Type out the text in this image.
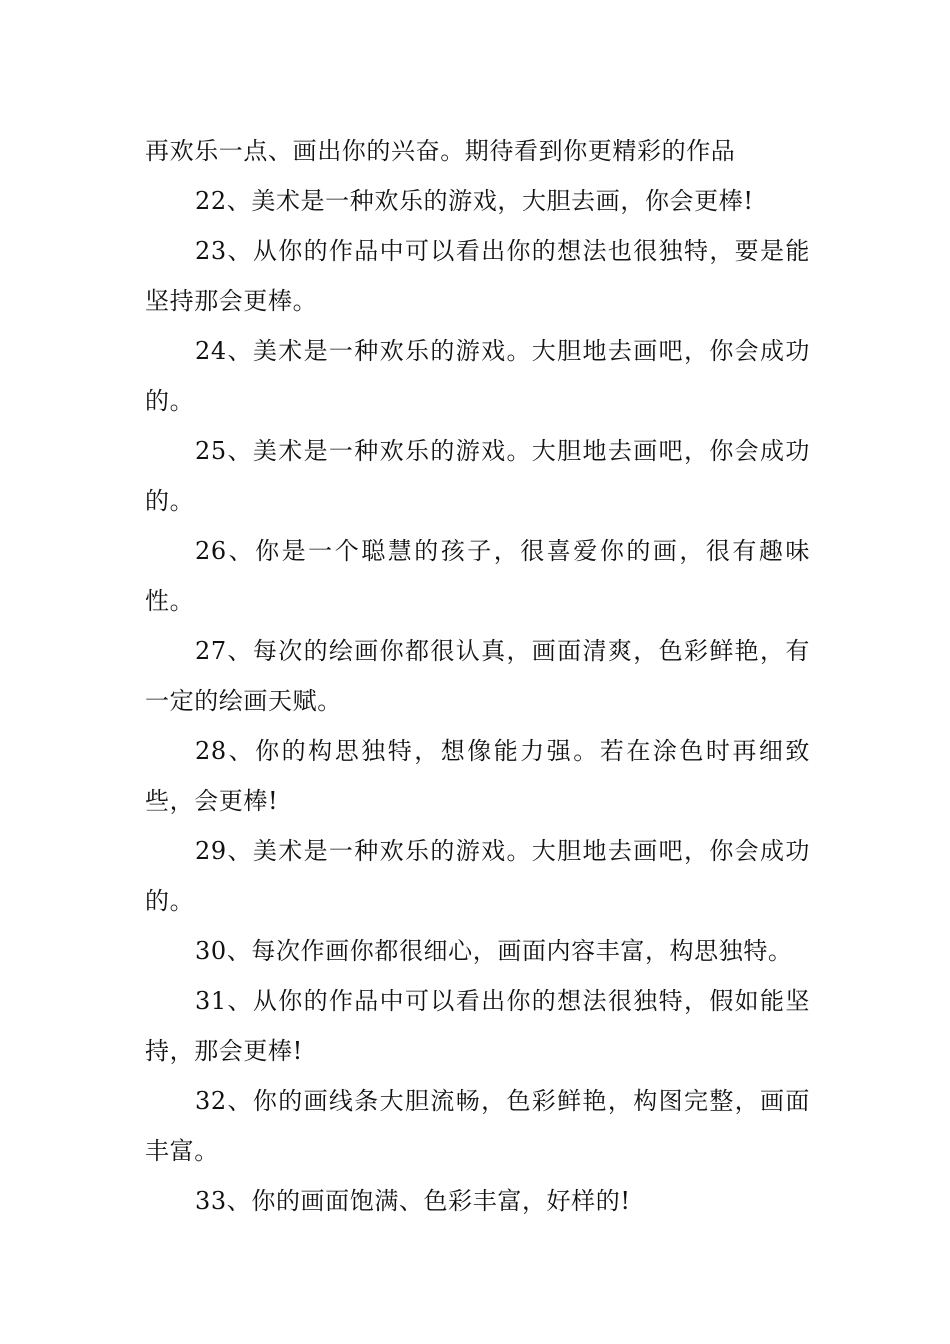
再欢乐一点、画出你的兴奋。期待看到你更精彩的作品

22、美术是一种欢乐的游戏，大胆去画，你会更棒!

23、从你的作品中可以看出你的想法也很独特，要是能坚持那会更棒。

24、美术是一种欢乐的游戏。大胆地去画吧，你会成功的。

25、美术是一种欢乐的游戏。大胆地去画吧，你会成功的。

26、你是一个聪慧的孩子，很喜爱你的画，很有趣味性。

27、每次的绘画你都很认真，画面清爽，色彩鲜艳，有一定的绘画天赋。

28、你的构思独特，想像能力强。若在涂色时再细致些，会更棒!

29、美术是一种欢乐的游戏。大胆地去画吧，你会成功的。

30、每次作画你都很细心，画面内容丰富，构思独特。

31、从你的作品中可以看出你的想法很独特，假如能坚持，那会更棒!

32、你的画线条大胆流畅，色彩鲜艳，构图完整，画面丰富。

33、你的画面饱满、色彩丰富，好样的!
